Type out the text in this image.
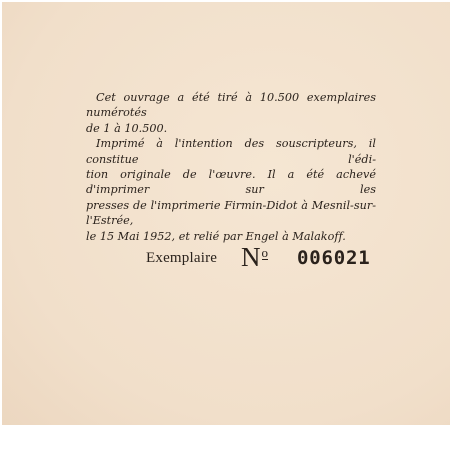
Cet ouvrage a été tiré à 10.500 exemplaires numérotés
de 1 à 10.500.
Imprimé à l'intention des souscripteurs, il constitue l'édi-
tion originale de l'œuvre. Il a été achevé d'imprimer sur les
presses de l'imprimerie Firmin-Didot à Mesnil-sur-l'Estrée,
le 15 Mai 1952, et relié par Engel à Malakoff.
Exemplaire No 006021
